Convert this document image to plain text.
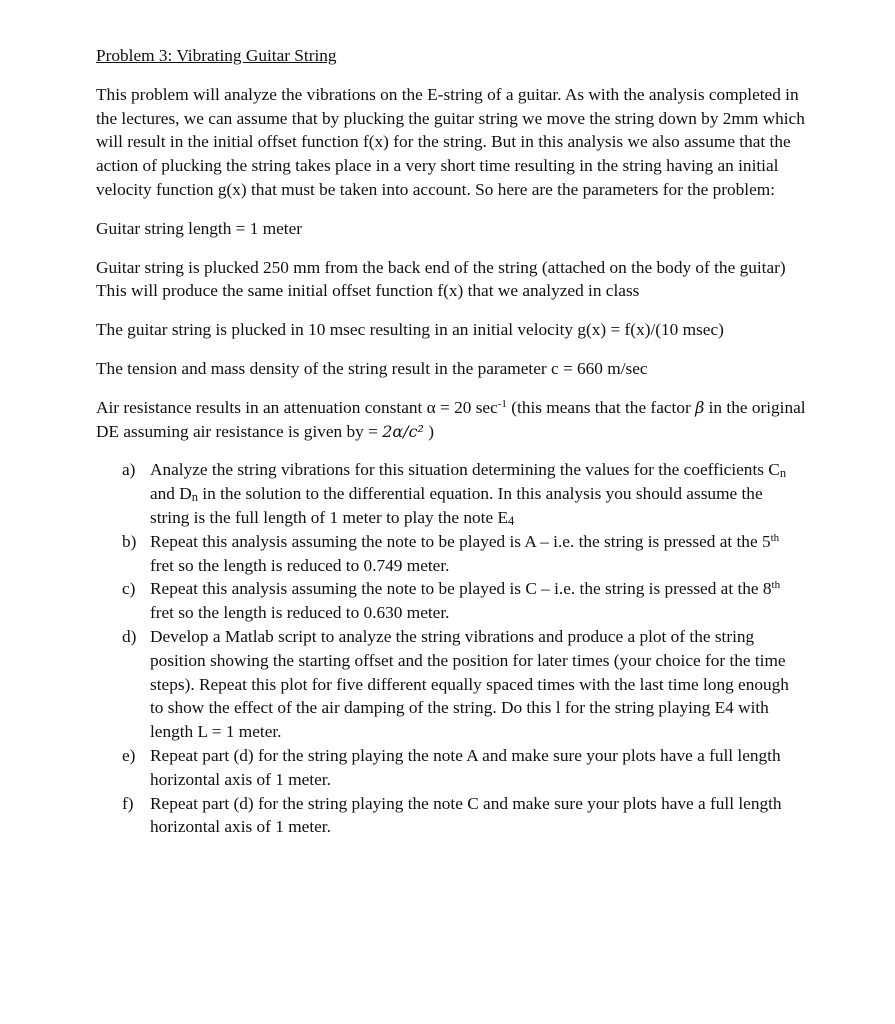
Problem 3: Vibrating Guitar String

This problem will analyze the vibrations on the E-string of a guitar. As with the analysis completed in the lectures, we can assume that by plucking the guitar string we move the string down by 2mm which will result in the initial offset function f(x) for the string. But in this analysis we also assume that the action of plucking the string takes place in a very short time resulting in the string having an initial velocity function g(x) that must be taken into account. So here are the parameters for the problem:

Guitar string length = 1 meter

Guitar string is plucked 250 mm from the back end of the string (attached on the body of the guitar) This will produce the same initial offset function f(x) that we analyzed in class

The guitar string is plucked in 10 msec resulting in an initial velocity g(x) = f(x)/(10 msec)

The tension and mass density of the string result in the parameter c = 660 m/sec

Air resistance results in an attenuation constant α = 20 $\sec^{-1}$ (this means that the factor β in the original DE assuming air resistance is given by = 2α/c² )

a) Analyze the string vibrations for this situation determining the values for the coefficients $C_n$ and $D_n$ in the solution to the differential equation. In this analysis you should assume the string is the full length of 1 meter to play the note $E_4$
b) Repeat this analysis assuming the note to be played is A – i.e. the string is pressed at the 5th fret so the length is reduced to 0.749 meter.
c) Repeat this analysis assuming the note to be played is C – i.e. the string is pressed at the 8th fret so the length is reduced to 0.630 meter.
d) Develop a Matlab script to analyze the string vibrations and produce a plot of the string position showing the starting offset and the position for later times (your choice for the time steps). Repeat this plot for five different equally spaced times with the last time long enough to show the effect of the air damping of the string. Do this l for the string playing E4 with length L = 1 meter.
e) Repeat part (d) for the string playing the note A and make sure your plots have a full length horizontal axis of 1 meter.
f) Repeat part (d) for the string playing the note C and make sure your plots have a full length horizontal axis of 1 meter.
